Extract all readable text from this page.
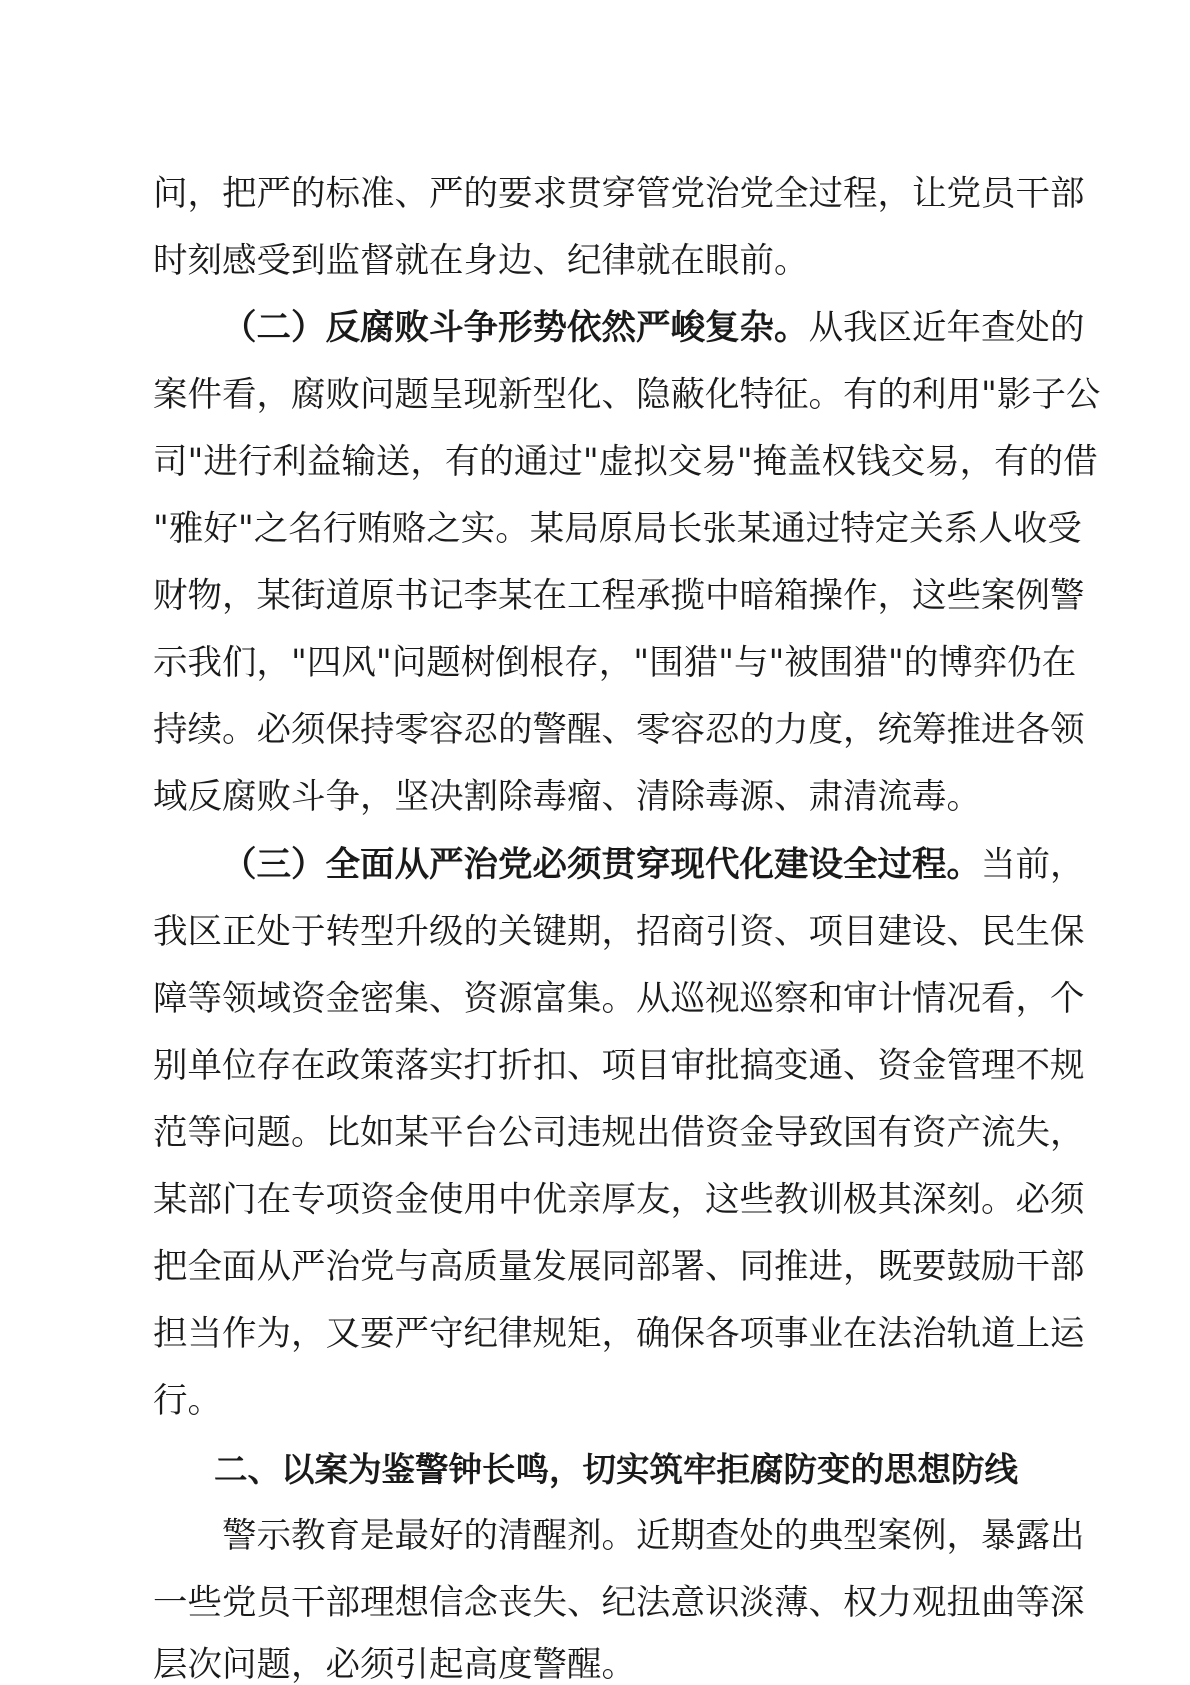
问，把严的标准、严的要求贯穿管党治党全过程，让党员干部
时刻感受到监督就在身边、纪律就在眼前。
（二）反腐败斗争形势依然严峻复杂。从我区近年查处的
案件看，腐败问题呈现新型化、隐蔽化特征。有的利用"影子公
司"进行利益输送，有的通过"虚拟交易"掩盖权钱交易，有的借
"雅好"之名行贿赂之实。某局原局长张某通过特定关系人收受
财物，某街道原书记李某在工程承揽中暗箱操作，这些案例警
示我们，"四风"问题树倒根存，"围猎"与"被围猎"的博弈仍在
持续。必须保持零容忍的警醒、零容忍的力度，统筹推进各领
域反腐败斗争，坚决割除毒瘤、清除毒源、肃清流毒。
（三）全面从严治党必须贯穿现代化建设全过程。当前，
我区正处于转型升级的关键期，招商引资、项目建设、民生保
障等领域资金密集、资源富集。从巡视巡察和审计情况看，个
别单位存在政策落实打折扣、项目审批搞变通、资金管理不规
范等问题。比如某平台公司违规出借资金导致国有资产流失，
某部门在专项资金使用中优亲厚友，这些教训极其深刻。必须
把全面从严治党与高质量发展同部署、同推进，既要鼓励干部
担当作为，又要严守纪律规矩，确保各项事业在法治轨道上运
行。
二、以案为鉴警钟长鸣，切实筑牢拒腐防变的思想防线
警示教育是最好的清醒剂。近期查处的典型案例，暴露出
一些党员干部理想信念丧失、纪法意识淡薄、权力观扭曲等深
层次问题，必须引起高度警醒。
